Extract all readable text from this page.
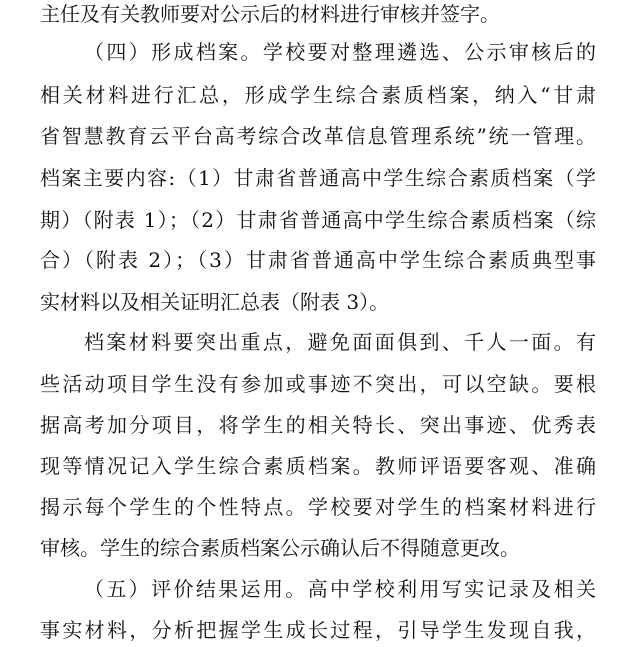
主任及有关教师要对公示后的材料进行审核并签字。
（四）形成档案。学校要对整理遴选、公示审核后的
相关材料进行汇总，形成学生综合素质档案，纳入“甘肃
省智慧教育云平台高考综合改革信息管理系统”统一管理。
档案主要内容:（1）甘肃省普通高中学生综合素质档案（学
期）（附表 1）；（2）甘肃省普通高中学生综合素质档案（综
合）（附表 2）；（3）甘肃省普通高中学生综合素质典型事
实材料以及相关证明汇总表（附表 3）。
档案材料要突出重点，避免面面俱到、千人一面。有
些活动项目学生没有参加或事迹不突出，可以空缺。要根
据高考加分项目，将学生的相关特长、突出事迹、优秀表
现等情况记入学生综合素质档案。教师评语要客观、准确
揭示每个学生的个性特点。学校要对学生的档案材料进行
审核。学生的综合素质档案公示确认后不得随意更改。
（五）评价结果运用。高中学校利用写实记录及相关
事实材料，分析把握学生成长过程，引导学生发现自我，
